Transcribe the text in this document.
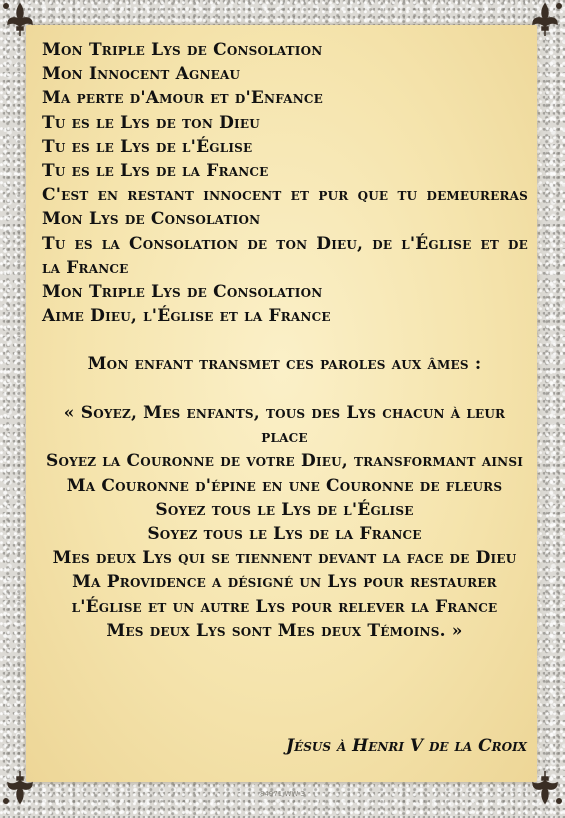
Mon Triple Lys de Consolation
Mon Innocent Agneau
Ma perte d'Amour et d'Enfance
Tu es le Lys de ton Dieu
Tu es le Lys de l'Église
Tu es le Lys de la France
C'est en restant innocent et pur que tu demeureras
Mon Lys de Consolation
Tu es la Consolation de ton Dieu, de l'Église et de
la France
Mon Triple Lys de Consolation
Aime Dieu, l'Église et la France
Mon enfant transmet ces paroles aux âmes :
« Soyez, Mes enfants, tous des Lys chacun à leur place
Soyez la Couronne de votre Dieu, transformant ainsi
Ma Couronne d'épine en une Couronne de fleurs
Soyez tous le Lys de l'Église
Soyez tous le Lys de la France
Mes deux Lys qui se tiennent devant la face de Dieu
Ma Providence a désigné un Lys pour restaurer
l'Église et un autre Lys pour relever la France
Mes deux Lys sont Mes deux Témoins. »
Jésus à Henri V de la Croix
84971 WW 3
